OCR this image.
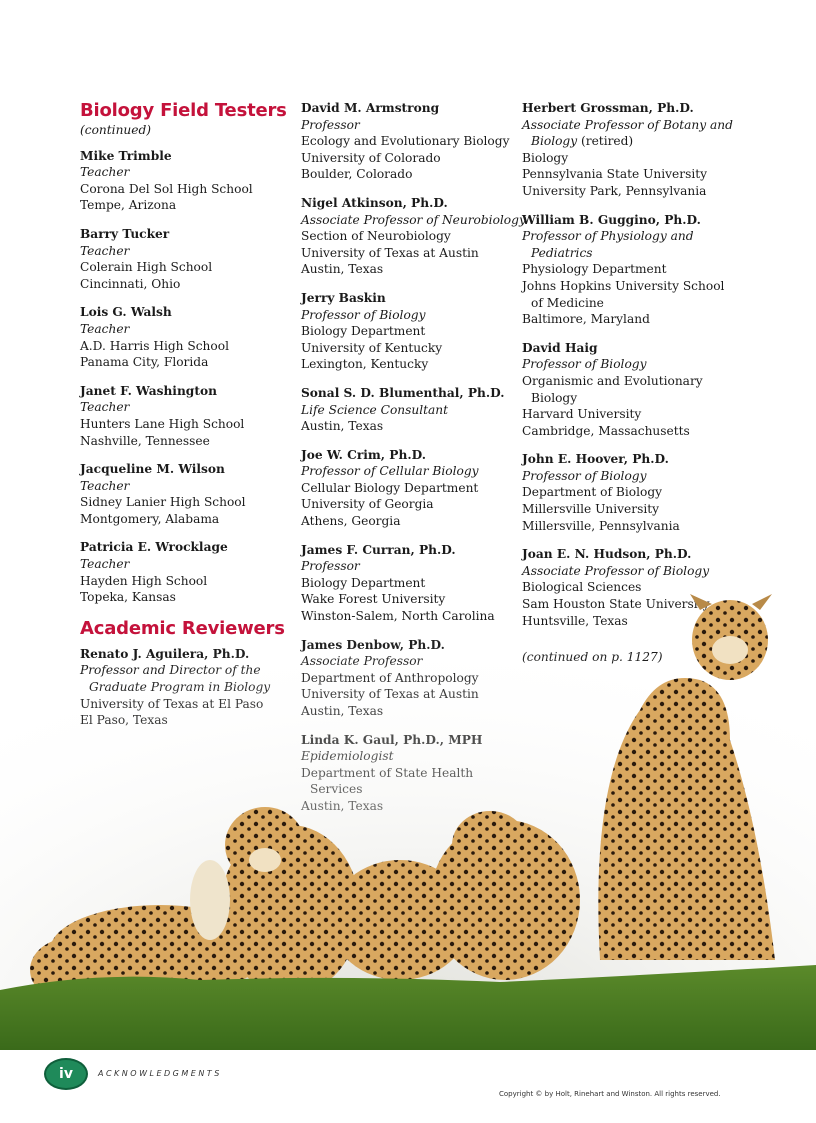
Biology Field Testers
(continued)
Mike Trimble
Teacher
Corona Del Sol High School
Tempe, Arizona
Barry Tucker
Teacher
Colerain High School
Cincinnati, Ohio
Lois G. Walsh
Teacher
A.D. Harris High School
Panama City, Florida
Janet F. Washington
Teacher
Hunters Lane High School
Nashville, Tennessee
Jacqueline M. Wilson
Teacher
Sidney Lanier High School
Montgomery, Alabama
Patricia E. Wrocklage
Teacher
David M. Armstrong
Professor
Ecology and Evolutionary Biology
University of Colorado
Boulder, Colorado
Nigel Atkinson, Ph.D.
Associate Professor of Neurobiology
Section of Neurobiology
University of Texas at Austin
Austin, Texas
Jerry Baskin
Professor of Biology
Biology Department
University of Kentucky
Lexington, Kentucky
Sonal S. D. Blumenthal, Ph.D.
Life Science Consultant
Austin, Texas
Joe W. Crim, Ph.D.
Professor of Cellular Biology
Cellular Biology Department
University of Georgia
Athens, Georgia
James F. Curran, Ph.D.
Professor
Herbert Grossman, Ph.D.
Associate Professor of Botany and
Biology (retired)
Biology
Pennsylvania State University
University Park, Pennsylvania
William B. Guggino, Ph.D.
Professor of Physiology and
Pediatrics
Physiology Department
Johns Hopkins University School
of Medicine
Baltimore, Maryland
David Haig
Professor of Biology
Organismic and Evolutionary
Biology
Harvard University
Cambridge, Massachusetts
John E. Hoover, Ph.D.
Professor of Biology
Department of Biology
Millersville University
Millersville, Pennsylvania
Joan E. N. Hudson, Ph.D.
Associate Professor of Biology
iv	ACKNOWLEDGMENTS
Copyright © by Holt, Rinehart and Winston. All rights reserved.
